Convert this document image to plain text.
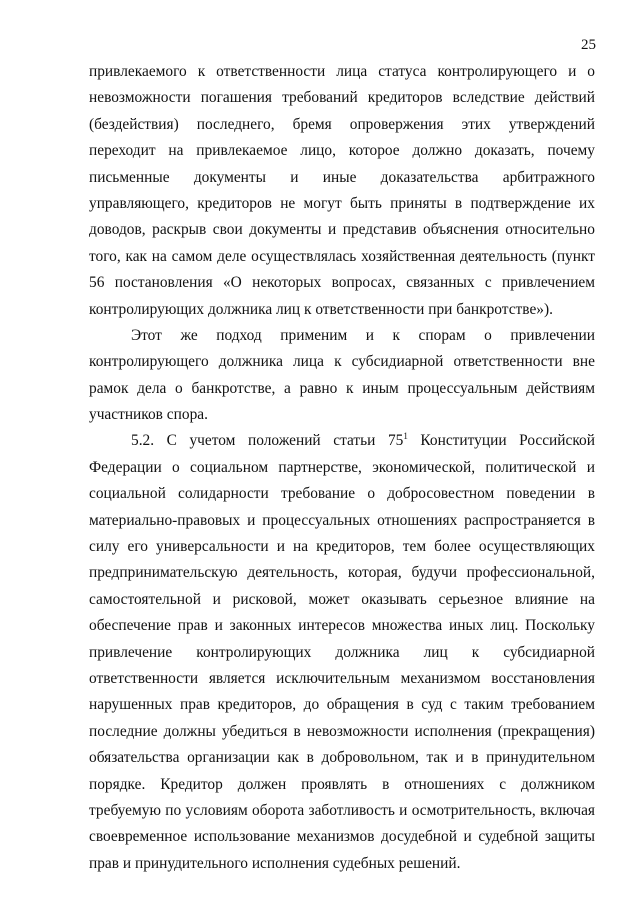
25
привлекаемого к ответственности лица статуса контролирующего и о
невозможности погашения требований кредиторов вследствие действий
(бездействия) последнего, бремя опровержения этих утверждений
переходит на привлекаемое лицо, которое должно доказать, почему
письменные документы и иные доказательства арбитражного
управляющего, кредиторов не могут быть приняты в подтверждение их
доводов, раскрыв свои документы и представив объяснения относительно
того, как на самом деле осуществлялась хозяйственная деятельность (пункт
56 постановления «О некоторых вопросах, связанных с привлечением
контролирующих должника лиц к ответственности при банкротстве»).
Этот же подход применим и к спорам о привлечении
контролирующего должника лица к субсидиарной ответственности вне
рамок дела о банкротстве, а равно к иным процессуальным действиям
участников спора.
5.2. С учетом положений статьи $75^1$ Конституции Российской
Федерации о социальном партнерстве, экономической, политической и
социальной солидарности требование о добросовестном поведении в
материально-правовых и процессуальных отношениях распространяется в
силу его универсальности и на кредиторов, тем более осуществляющих
предпринимательскую деятельность, которая, будучи профессиональной,
самостоятельной и рисковой, может оказывать серьезное влияние на
обеспечение прав и законных интересов множества иных лиц. Поскольку
привлечение контролирующих должника лиц к субсидиарной
ответственности является исключительным механизмом восстановления
нарушенных прав кредиторов, до обращения в суд с таким требованием
последние должны убедиться в невозможности исполнения (прекращения)
обязательства организации как в добровольном, так и в принудительном
порядке. Кредитор должен проявлять в отношениях с должником
требуемую по условиям оборота заботливость и осмотрительность, включая
своевременное использование механизмов досудебной и судебной защиты
прав и принудительного исполнения судебных решений.
